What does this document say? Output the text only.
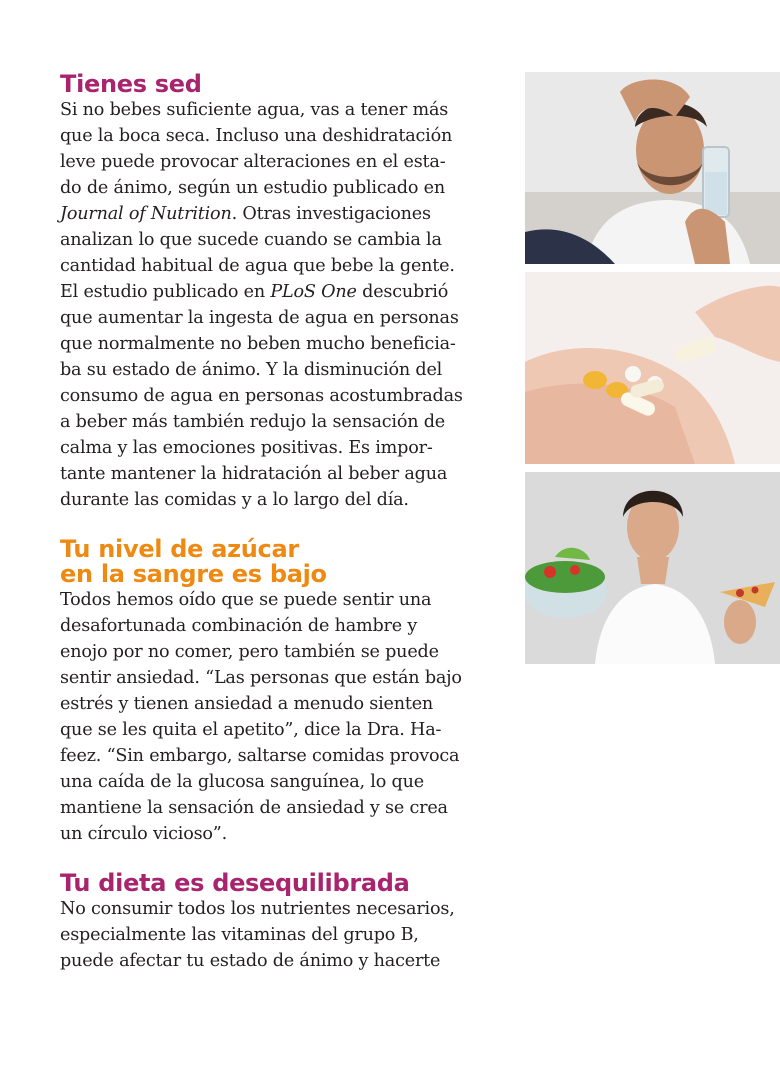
Tienes sed

Si no bebes suficiente agua, vas a tener más
que la boca seca. Incluso una deshidratación
leve puede provocar alteraciones en el esta-
do de ánimo, según un estudio publicado en
Journal of Nutrition. Otras investigaciones
analizan lo que sucede cuando se cambia la
cantidad habitual de agua que bebe la gente.
El estudio publicado en PLoS One descubrió
que aumentar la ingesta de agua en personas
que normalmente no beben mucho beneficia-
ba su estado de ánimo. Y la disminución del
consumo de agua en personas acostumbradas
a beber más también redujo la sensación de
calma y las emociones positivas. Es impor-
tante mantener la hidratación al beber agua
durante las comidas y a lo largo del día.

Tu nivel de azúcar
en la sangre es bajo

Todos hemos oído que se puede sentir una
desafortunada combinación de hambre y
enojo por no comer, pero también se puede
sentir ansiedad. “Las personas que están bajo
estrés y tienen ansiedad a menudo sienten
que se les quita el apetito”, dice la Dra. Ha-
feez. “Sin embargo, saltarse comidas provoca
una caída de la glucosa sanguínea, lo que
mantiene la sensación de ansiedad y se crea
un círculo vicioso”.

Tu dieta es desequilibrada

No consumir todos los nutrientes necesarios,
especialmente las vitaminas del grupo B,
puede afectar tu estado de ánimo y hacerte
